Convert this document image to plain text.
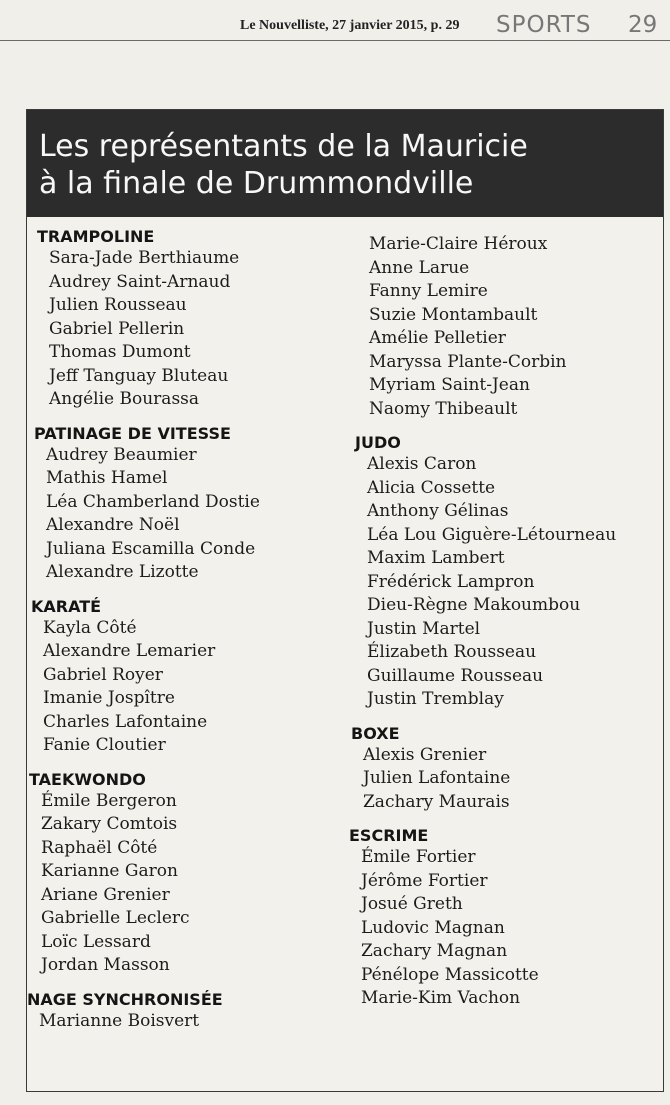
Le Nouvelliste, 27 janvier 2015, p. 29 SPORTS 29
Les représentants de la Mauricie
à la finale de Drummondville
TRAMPOLINE
Sara-Jade Berthiaume
Audrey Saint-Arnaud
Julien Rousseau
Gabriel Pellerin
Thomas Dumont
Jeff Tanguay Bluteau
Angélie Bourassa
PATINAGE DE VITESSE
Audrey Beaumier
Mathis Hamel
Léa Chamberland Dostie
Alexandre Noël
Juliana Escamilla Conde
Alexandre Lizotte
KARATÉ
Kayla Côté
Alexandre Lemarier
Gabriel Royer
Imanie Jospître
Charles Lafontaine
Fanie Cloutier
TAEKWONDO
Émile Bergeron
Zakary Comtois
Raphaël Côté
Karianne Garon
Ariane Grenier
Gabrielle Leclerc
Loïc Lessard
Jordan Masson
NAGE SYNCHRONISÉE
Marianne Boisvert
Marie-Claire Héroux
Anne Larue
Fanny Lemire
Suzie Montambault
Amélie Pelletier
Maryssa Plante-Corbin
Myriam Saint-Jean
Naomy Thibeault
JUDO
Alexis Caron
Alicia Cossette
Anthony Gélinas
Léa Lou Giguère-Létourneau
Maxim Lambert
Frédérick Lampron
Dieu-Règne Makoumbou
Justin Martel
Élizabeth Rousseau
Guillaume Rousseau
Justin Tremblay
BOXE
Alexis Grenier
Julien Lafontaine
Zachary Maurais
ESCRIME
Émile Fortier
Jérôme Fortier
Josué Greth
Ludovic Magnan
Zachary Magnan
Pénélope Massicotte
Marie-Kim Vachon
